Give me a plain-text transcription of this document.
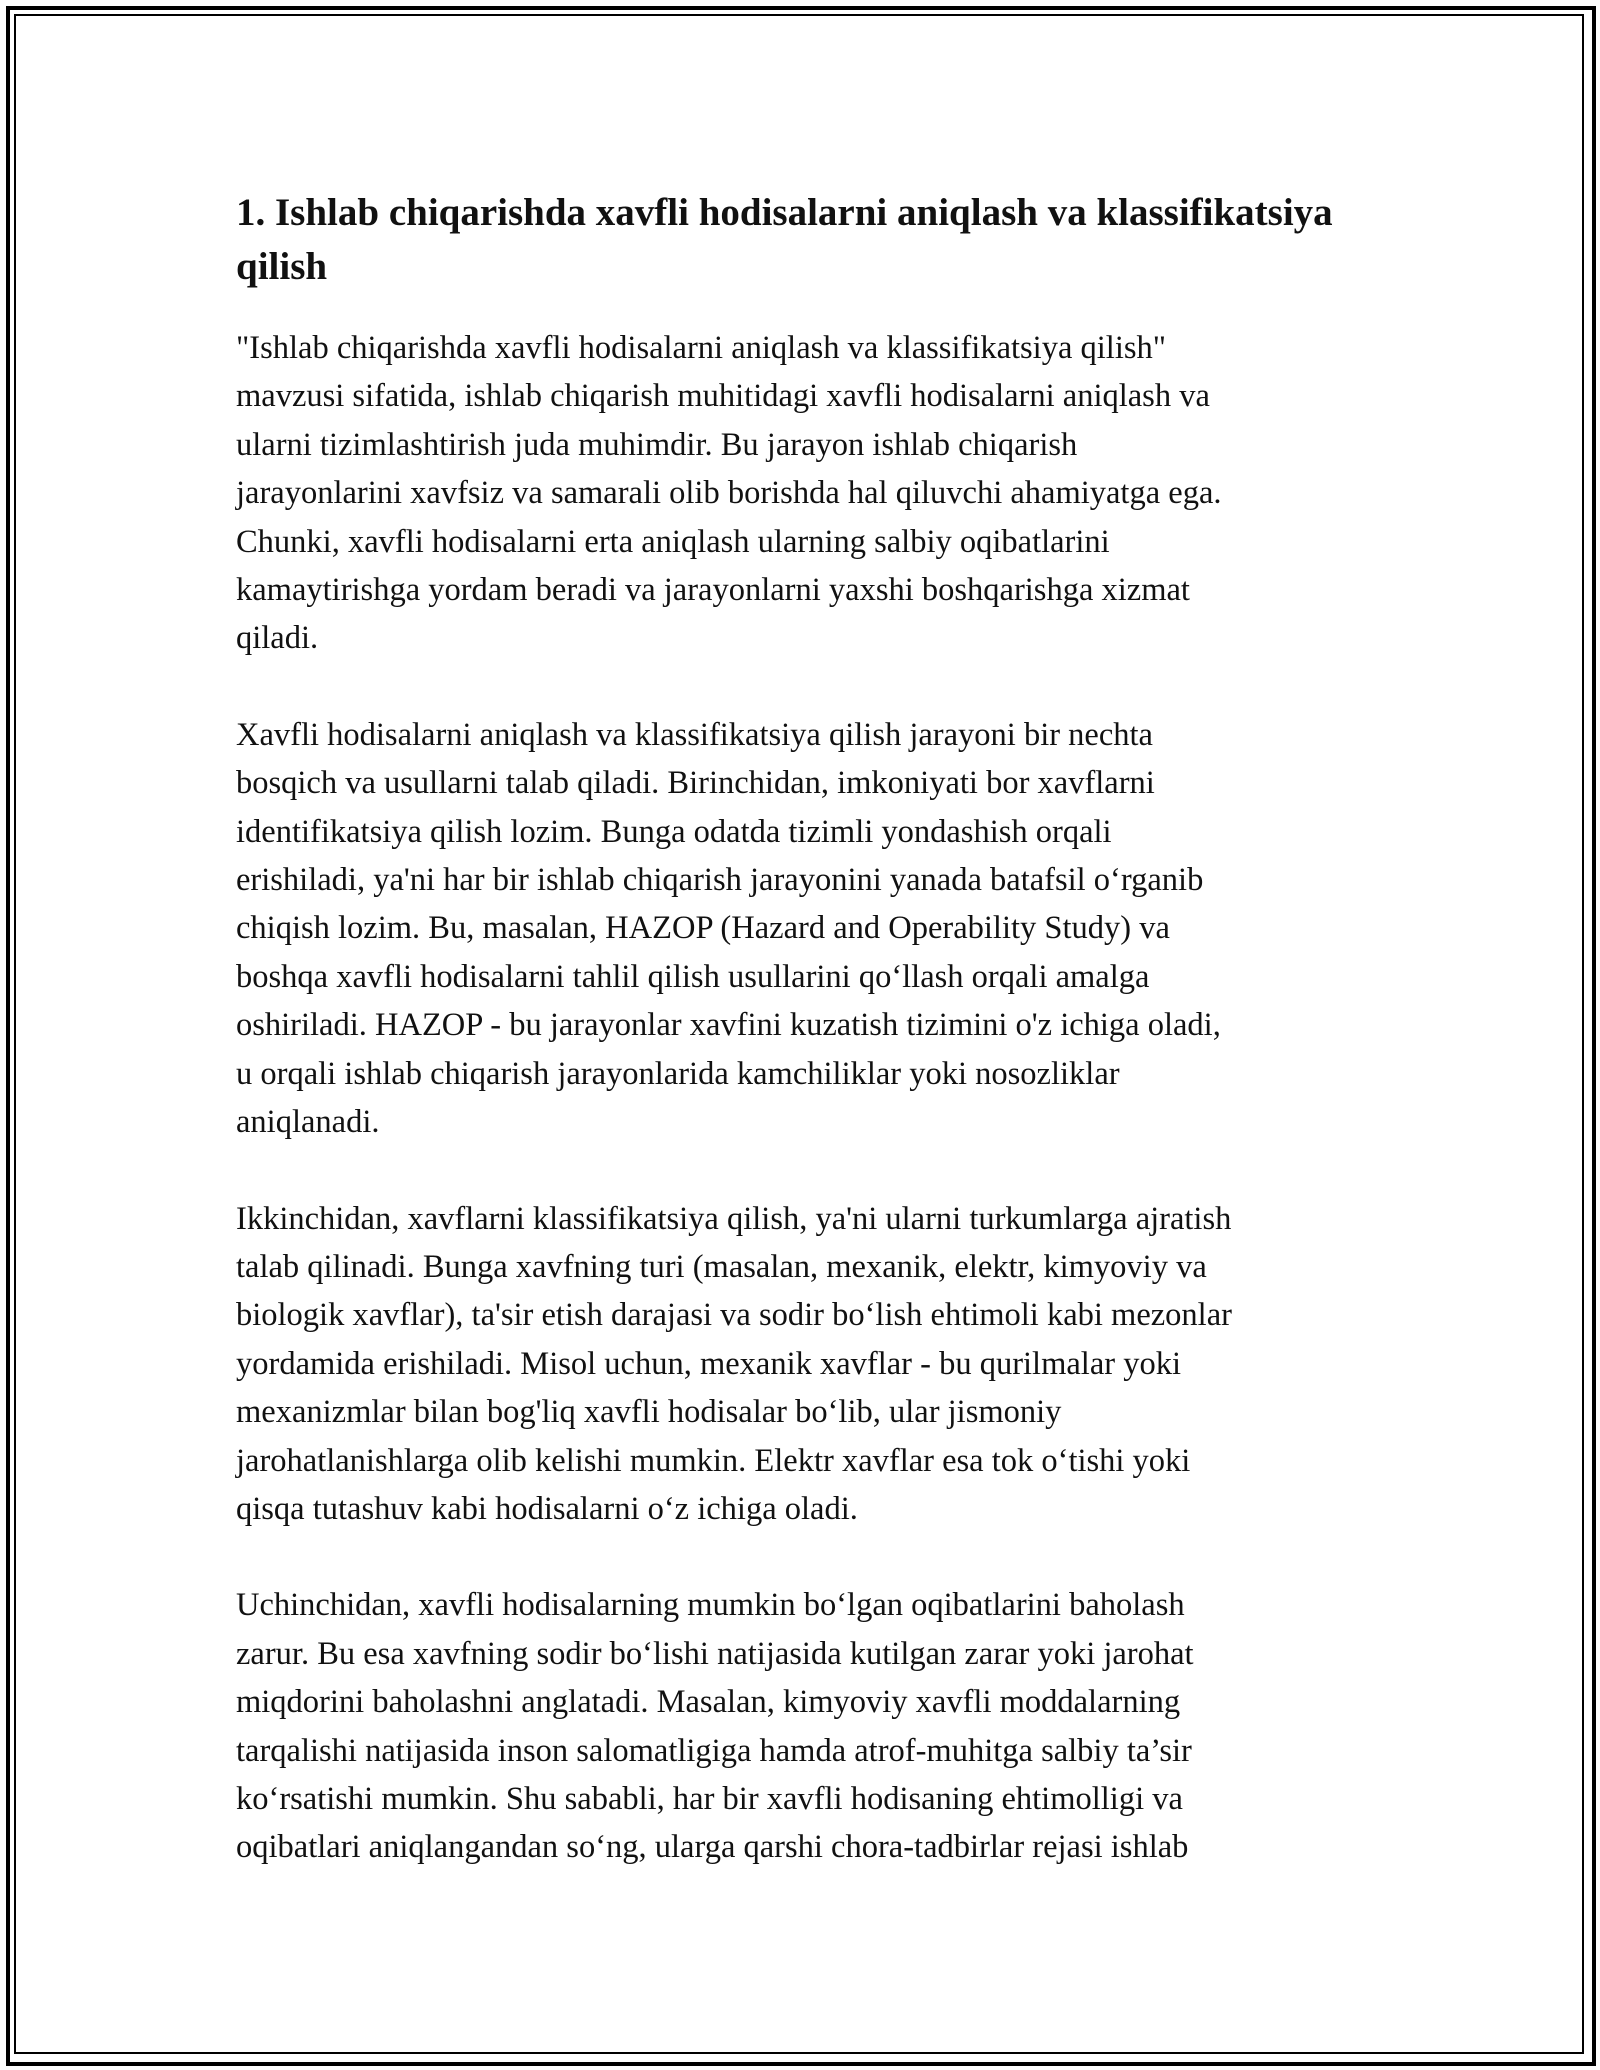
1. Ishlab chiqarishda xavfli hodisalarni aniqlash va klassifikatsiya qilish

"Ishlab chiqarishda xavfli hodisalarni aniqlash va klassifikatsiya qilish"
mavzusi sifatida, ishlab chiqarish muhitidagi xavfli hodisalarni aniqlash va
ularni tizimlashtirish juda muhimdir. Bu jarayon ishlab chiqarish
jarayonlarini xavfsiz va samarali olib borishda hal qiluvchi ahamiyatga ega.
Chunki, xavfli hodisalarni erta aniqlash ularning salbiy oqibatlarini
kamaytirishga yordam beradi va jarayonlarni yaxshi boshqarishga xizmat
qiladi.

Xavfli hodisalarni aniqlash va klassifikatsiya qilish jarayoni bir nechta
bosqich va usullarni talab qiladi. Birinchidan, imkoniyati bor xavflarni
identifikatsiya qilish lozim. Bunga odatda tizimli yondashish orqali
erishiladi, ya'ni har bir ishlab chiqarish jarayonini yanada batafsil o‘rganib
chiqish lozim. Bu, masalan, HAZOP (Hazard and Operability Study) va
boshqa xavfli hodisalarni tahlil qilish usullarini qo‘llash orqali amalga
oshiriladi. HAZOP - bu jarayonlar xavfini kuzatish tizimini o'z ichiga oladi,
u orqali ishlab chiqarish jarayonlarida kamchiliklar yoki nosozliklar
aniqlanadi.

Ikkinchidan, xavflarni klassifikatsiya qilish, ya'ni ularni turkumlarga ajratish
talab qilinadi. Bunga xavfning turi (masalan, mexanik, elektr, kimyoviy va
biologik xavflar), ta'sir etish darajasi va sodir bo‘lish ehtimoli kabi mezonlar
yordamida erishiladi. Misol uchun, mexanik xavflar - bu qurilmalar yoki
mexanizmlar bilan bog'liq xavfli hodisalar bo‘lib, ular jismoniy
jarohatlanishlarga olib kelishi mumkin. Elektr xavflar esa tok o‘tishi yoki
qisqa tutashuv kabi hodisalarni o‘z ichiga oladi.

Uchinchidan, xavfli hodisalarning mumkin bo‘lgan oqibatlarini baholash
zarur. Bu esa xavfning sodir bo‘lishi natijasida kutilgan zarar yoki jarohat
miqdorini baholashni anglatadi. Masalan, kimyoviy xavfli moddalarning
tarqalishi natijasida inson salomatligiga hamda atrof-muhitga salbiy ta’sir
ko‘rsatishi mumkin. Shu sababli, har bir xavfli hodisaning ehtimolligi va
oqibatlari aniqlangandan so‘ng, ularga qarshi chora-tadbirlar rejasi ishlab
